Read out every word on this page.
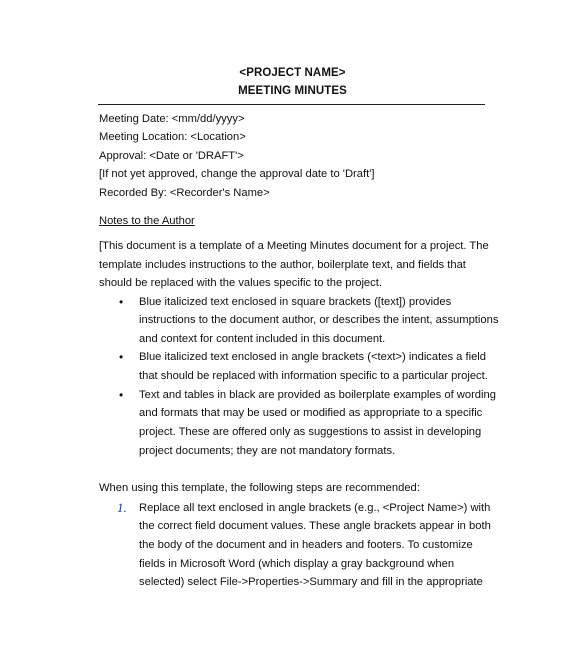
<PROJECT NAME>
MEETING MINUTES
Meeting Date: <mm/dd/yyyy>
Meeting Location: <Location>
Approval: <Date or 'DRAFT'>
[If not yet approved, change the approval date to 'Draft']
Recorded By: <Recorder's Name>
Notes to the Author
[This document is a template of a Meeting Minutes document for a project. The
template includes instructions to the author, boilerplate text, and fields that
should be replaced with the values specific to the project.
• Blue italicized text enclosed in square brackets ([text]) provides
instructions to the document author, or describes the intent, assumptions
and context for content included in this document.
• Blue italicized text enclosed in angle brackets (<text>) indicates a field
that should be replaced with information specific to a particular project.
• Text and tables in black are provided as boilerplate examples of wording
and formats that may be used or modified as appropriate to a specific
project. These are offered only as suggestions to assist in developing
project documents; they are not mandatory formats.
When using this template, the following steps are recommended:
1. Replace all text enclosed in angle brackets (e.g., <Project Name>) with
the correct field document values. These angle brackets appear in both
the body of the document and in headers and footers. To customize
fields in Microsoft Word (which display a gray background when
selected) select File->Properties->Summary and fill in the appropriate
